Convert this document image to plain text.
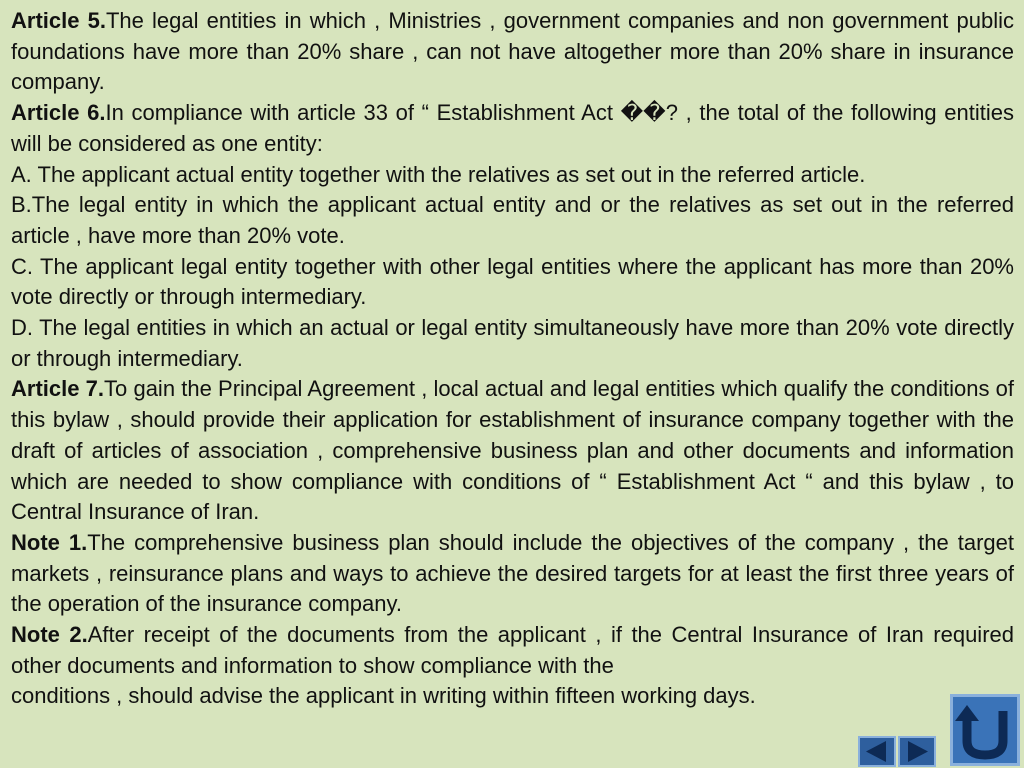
Article 5.The legal entities in which , Ministries , government companies and non government public foundations have more than 20% share , can not have altogether more than 20% share in insurance company.

Article 6.In compliance with article 33 of “ Establishment Act ��? , the total of the following entities will be considered as one entity:

A. The applicant actual entity together with the relatives as set out in the referred article.

B.The legal entity in which the applicant actual entity and or the relatives as set out in the referred article , have more than 20% vote.

C. The applicant legal entity together with other legal entities where the applicant has more than 20% vote directly or through intermediary.

D. The legal entities in which an actual or legal entity simultaneously have more than 20% vote directly or through intermediary.

Article 7.To gain the Principal Agreement , local actual and legal entities which qualify the conditions of this bylaw , should provide their application for establishment of insurance company together with the draft of articles of association , comprehensive business plan and other documents and information which are needed to show compliance with conditions of “ Establishment Act “ and this bylaw , to Central Insurance of Iran.

Note 1.The comprehensive business plan should include the objectives of the company , the target markets , reinsurance plans and ways to achieve the desired targets for at least the first three years of the operation of the insurance company.

Note 2.After receipt of the documents from the applicant , if the Central Insurance of Iran required other documents and information to show compliance with the

conditions , should advise the applicant in writing within fifteen working days.
